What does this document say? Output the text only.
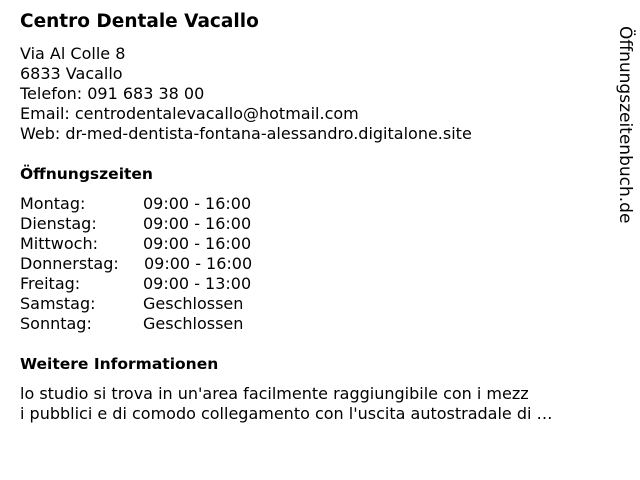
Centro Dentale Vacallo
Via Al Colle 8
6833 Vacallo
Telefon: 091 683 38 00
Email: centrodentalevacallo@hotmail.com
Web: dr-med-dentista-fontana-alessandro.digitalone.site
Öffnungszeiten
Montag:	09:00 - 16:00
Dienstag:	09:00 - 16:00
Mittwoch:	09:00 - 16:00
Donnerstag: 09:00 - 16:00
Freitag:	09:00 - 13:00
Samstag:	Geschlossen
Sonntag:	Geschlossen
Weitere Informationen
lo studio si trova in un'area facilmente raggiungibile con i mezz
i pubblici e di comodo collegamento con l'uscita autostradale di …
Öffnungszeitenbuch.de
